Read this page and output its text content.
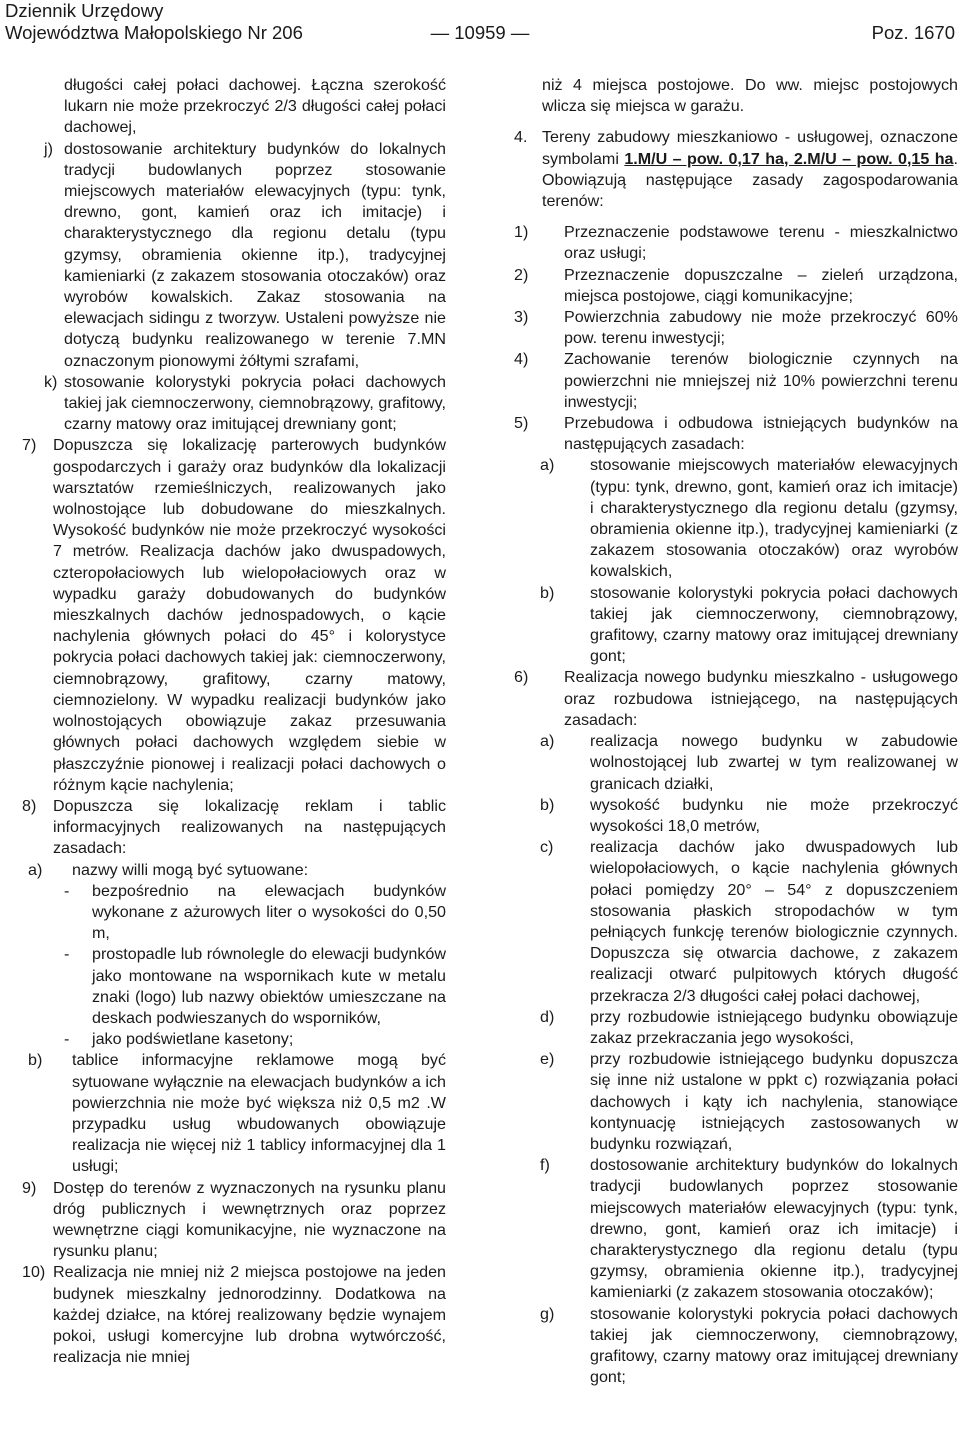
Dziennik Urzędowy
Województwa Małopolskiego Nr 206	— 10959 —	Poz. 1670
długości całej połaci dachowej. Łączna szerokość lukarn nie może przekroczyć 2/3 długości całej połaci dachowej,
j) dostosowanie architektury budynków do lokalnych tradycji budowlanych poprzez stosowanie miejscowych materiałów elewacyjnych (typu: tynk, drewno, gont, kamień oraz ich imitacje) i charakterystycznego dla regionu detalu (typu gzymsy, obramienia okienne itp.), tradycyjnej kamieniarki (z zakazem stosowania otoczaków) oraz wyrobów kowalskich. Zakaz stosowania na elewacjach sidingu z tworzyw. Ustaleni powyższe nie dotyczą budynku realizowanego w terenie 7.MN oznaczonym pionowymi żółtymi szrafami,
k) stosowanie kolorystyki pokrycia połaci dachowych takiej jak ciemnoczerwony, ciemnobrązowy, grafitowy, czarny matowy oraz imitującej drewniany gont;
7) Dopuszcza się lokalizację parterowych budynków gospodarczych i garaży oraz budynków dla lokalizacji warsztatów rzemieślniczych, realizowanych jako wolnostojące lub dobudowane do mieszkalnych. Wysokość budynków nie może przekroczyć wysokości 7 metrów. Realizacja dachów jako dwuspadowych, czteropołaciowych lub wielopołaciowych oraz w wypadku garaży dobudowanych do budynków mieszkalnych dachów jednospadowych, o kącie nachylenia głównych połaci do 45° i kolorystyce pokrycia połaci dachowych takiej jak: ciemnoczerwony, ciemnobrązowy, grafitowy, czarny matowy, ciemnozielony. W wypadku realizacji budynków jako wolnostojących obowiązuje zakaz przesuwania głównych połaci dachowych względem siebie w płaszczyźnie pionowej i realizacji połaci dachowych o różnym kącie nachylenia;
8) Dopuszcza się lokalizację reklam i tablic informacyjnych realizowanych na następujących zasadach:
a) nazwy willi mogą być sytuowane:
- bezpośrednio na elewacjach budynków wykonane z ażurowych liter o wysokości do 0,50 m,
- prostopadle lub równolegle do elewacji budynków jako montowane na wspornikach kute w metalu znaki (logo) lub nazwy obiektów umieszczane na deskach podwieszanych do wsporników,
- jako podświetlane kasetony;
b) tablice informacyjne reklamowe mogą być sytuowane wyłącznie na elewacjach budynków a ich powierzchnia nie może być większa niż 0,5 m2 .W przypadku usług wbudowanych obowiązuje realizacja nie więcej niż 1 tablicy informacyjnej dla 1 usługi;
9) Dostęp do terenów z wyznaczonych na rysunku planu dróg publicznych i wewnętrznych oraz poprzez wewnętrzne ciągi komunikacyjne, nie wyznaczone na rysunku planu;
10) Realizacja nie mniej niż 2 miejsca postojowe na jeden budynek mieszkalny jednorodzinny. Dodatkowa na każdej działce, na której realizowany będzie wynajem pokoi, usługi komercyjne lub drobna wytwórczość, realizacja nie mniej
niż 4 miejsca postojowe. Do ww. miejsc postojowych wlicza się miejsca w garażu.
4. Tereny zabudowy mieszkaniowo - usługowej, oznaczone symbolami 1.M/U – pow. 0,17 ha, 2.M/U – pow. 0,15 ha. Obowiązują następujące zasady zagospodarowania terenów:
1) Przeznaczenie podstawowe terenu - mieszkalnictwo oraz usługi;
2) Przeznaczenie dopuszczalne – zieleń urządzona, miejsca postojowe, ciągi komunikacyjne;
3) Powierzchnia zabudowy nie może przekroczyć 60% pow. terenu inwestycji;
4) Zachowanie terenów biologicznie czynnych na powierzchni nie mniejszej niż 10% powierzchni terenu inwestycji;
5) Przebudowa i odbudowa istniejących budynków na następujących zasadach:
a) stosowanie miejscowych materiałów elewacyjnych (typu: tynk, drewno, gont, kamień oraz ich imitacje) i charakterystycznego dla regionu detalu (gzymsy, obramienia okienne itp.), tradycyjnej kamieniarki (z zakazem stosowania otoczaków) oraz wyrobów kowalskich,
b) stosowanie kolorystyki pokrycia połaci dachowych takiej jak ciemnoczerwony, ciemnobrązowy, grafitowy, czarny matowy oraz imitującej drewniany gont;
6) Realizacja nowego budynku mieszkalno - usługowego oraz rozbudowa istniejącego, na następujących zasadach:
a) realizacja nowego budynku w zabudowie wolnostojącej lub zwartej w tym realizowanej w granicach działki,
b) wysokość budynku nie może przekroczyć wysokości 18,0 metrów,
c) realizacja dachów jako dwuspadowych lub wielopołaciowych, o kącie nachylenia głównych połaci pomiędzy 20° – 54° z dopuszczeniem stosowania płaskich stropodachów w tym pełniących funkcję terenów biologicznie czynnych. Dopuszcza się otwarcia dachowe, z zakazem realizacji otwarć pulpitowych których długość przekracza 2/3 długości całej połaci dachowej,
d) przy rozbudowie istniejącego budynku obowiązuje zakaz przekraczania jego wysokości,
e) przy rozbudowie istniejącego budynku dopuszcza się inne niż ustalone w ppkt c) rozwiązania połaci dachowych i kąty ich nachylenia, stanowiące kontynuację istniejących zastosowanych w budynku rozwiązań,
f) dostosowanie architektury budynków do lokalnych tradycji budowlanych poprzez stosowanie miejscowych materiałów elewacyjnych (typu: tynk, drewno, gont, kamień oraz ich imitacje) i charakterystycznego dla regionu detalu (typu gzymsy, obramienia okienne itp.), tradycyjnej kamieniarki (z zakazem stosowania otoczaków);
g) stosowanie kolorystyki pokrycia połaci dachowych takiej jak ciemnoczerwony, ciemnobrązowy, grafitowy, czarny matowy oraz imitującej drewniany gont;
